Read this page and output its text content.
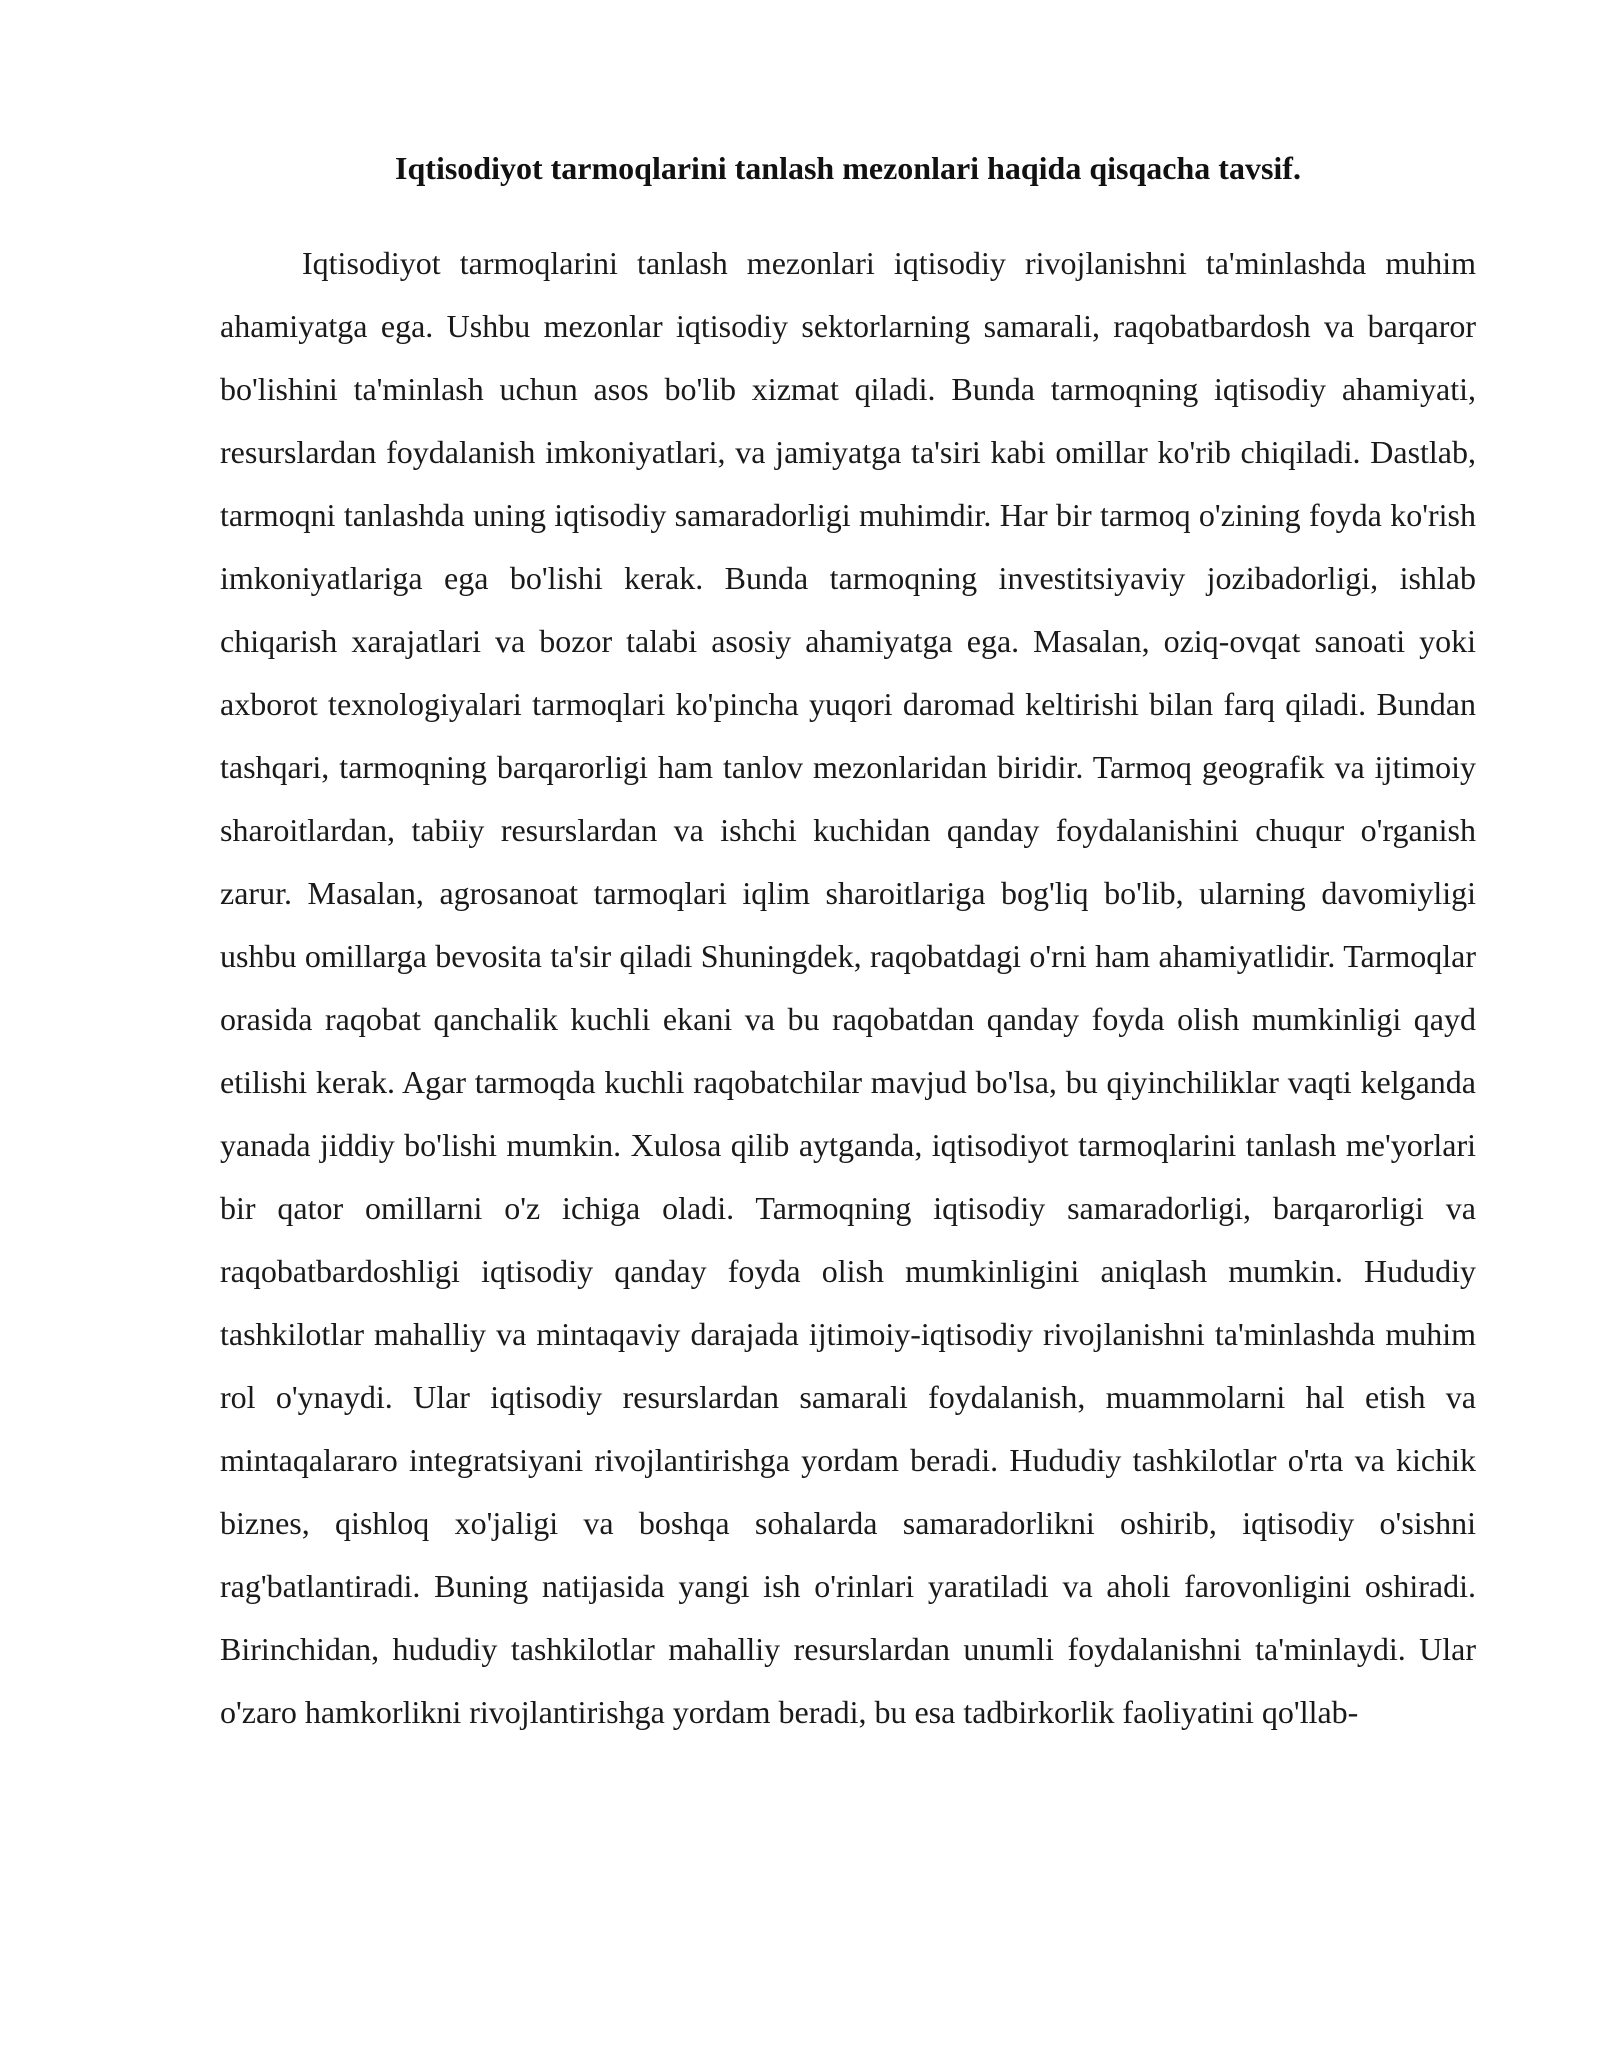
Iqtisodiyot tarmoqlarini tanlash mezonlari haqida qisqacha tavsif.

Iqtisodiyot tarmoqlarini tanlash mezonlari iqtisodiy rivojlanishni ta'minlashda muhim ahamiyatga ega. Ushbu mezonlar iqtisodiy sektorlarning samarali, raqobatbardosh va barqaror bo'lishini ta'minlash uchun asos bo'lib xizmat qiladi. Bunda tarmoqning iqtisodiy ahamiyati, resurslardan foydalanish imkoniyatlari, va jamiyatga ta'siri kabi omillar ko'rib chiqiladi. Dastlab, tarmoqni tanlashda uning iqtisodiy samaradorligi muhimdir. Har bir tarmoq o'zining foyda ko'rish imkoniyatlariga ega bo'lishi kerak. Bunda tarmoqning investitsiyaviy jozibadorligi, ishlab chiqarish xarajatlari va bozor talabi asosiy ahamiyatga ega. Masalan, oziq-ovqat sanoati yoki axborot texnologiyalari tarmoqlari ko'pincha yuqori daromad keltirishi bilan farq qiladi. Bundan tashqari, tarmoqning barqarorligi ham tanlov mezonlaridan biridir. Tarmoq geografik va ijtimoiy sharoitlardan, tabiiy resurslardan va ishchi kuchidan qanday foydalanishini chuqur o'rganish zarur. Masalan, agrosanoat tarmoqlari iqlim sharoitlariga bog'liq bo'lib, ularning davomiyligi ushbu omillarga bevosita ta'sir qiladi Shuningdek, raqobatdagi o'rni ham ahamiyatlidir. Tarmoqlar orasida raqobat qanchalik kuchli ekani va bu raqobatdan qanday foyda olish mumkinligi qayd etilishi kerak. Agar tarmoqda kuchli raqobatchilar mavjud bo'lsa, bu qiyinchiliklar vaqti kelganda yanada jiddiy bo'lishi mumkin. Xulosa qilib aytganda, iqtisodiyot tarmoqlarini tanlash me'yorlari bir qator omillarni o'z ichiga oladi. Tarmoqning iqtisodiy samaradorligi, barqarorligi va raqobatbardoshligi iqtisodiy qanday foyda olish mumkinligini aniqlash mumkin. Hududiy tashkilotlar mahalliy va mintaqaviy darajada ijtimoiy-iqtisodiy rivojlanishni ta'minlashda muhim rol o'ynaydi. Ular iqtisodiy resurslardan samarali foydalanish, muammolarni hal etish va mintaqalararo integratsiyani rivojlantirishga yordam beradi. Hududiy tashkilotlar o'rta va kichik biznes, qishloq xo'jaligi va boshqa sohalarda samaradorlikni oshirib, iqtisodiy o'sishni rag'batlantiradi. Buning natijasida yangi ish o'rinlari yaratiladi va aholi farovonligini oshiradi. Birinchidan, hududiy tashkilotlar mahalliy resurslardan unumli foydalanishni ta'minlaydi. Ular o'zaro hamkorlikni rivojlantirishga yordam beradi, bu esa tadbirkorlik faoliyatini qo'llab-
